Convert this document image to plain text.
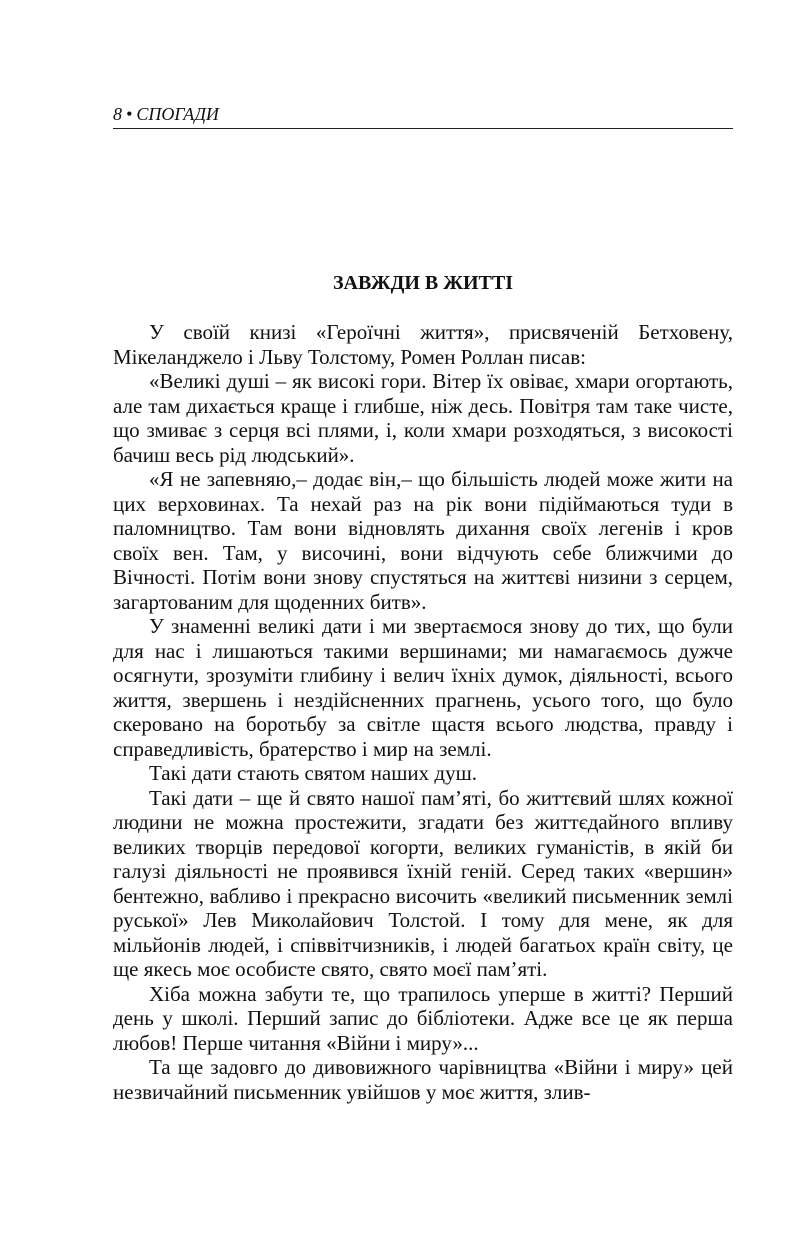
8 • СПОГАДИ
ЗАВЖДИ В ЖИТТІ

У своїй книзі «Героїчні життя», присвяченій Бетховену, Мікеланджело і Льву Толстому, Ромен Роллан писав:

«Великі душі – як високі гори. Вітер їх овіває, хмари огортають, але там дихається краще і глибше, ніж десь. Повітря там таке чисте, що змиває з серця всі плями, і, коли хмари розходяться, з високості бачиш весь рід людський».

«Я не запевняю,– додає він,– що більшість людей може жити на цих верховинах. Та нехай раз на рік вони підіймаються туди в паломництво. Там вони відновлять дихання своїх легенів і кров своїх вен. Там, у височині, вони відчують себе ближчими до Вічності. Потім вони знову спустяться на життєві низини з серцем, загартованим для щоденних битв».

У знаменні великі дати і ми звертаємося знову до тих, що були для нас і лишаються такими вершинами; ми намагаємось дужче осягнути, зрозуміти глибину і велич їхніх думок, діяльності, всього життя, звершень і нездійсненних прагнень, усього того, що було скеровано на боротьбу за світле щастя всього людства, правду і справедливість, братерство і мир на землі.

Такі дати стають святом наших душ.

Такі дати – ще й свято нашої пам’яті, бо життєвий шлях кожної людини не можна простежити, згадати без життєдайного впливу великих творців передової когорти, великих гуманістів, в якій би галузі діяльності не проявився їхній геній. Серед таких «вершин» бентежно, вабливо і прекрасно височить «великий письменник землі руської» Лев Миколайович Толстой. І тому для мене, як для мільйонів людей, і співвітчизників, і людей багатьох країн світу, це ще якесь моє особисте свято, свято моєї пам’яті.

Хіба можна забути те, що трапилось уперше в житті? Перший день у школі. Перший запис до бібліотеки. Адже все це як перша любов! Перше читання «Війни і миру»...

Та ще задовго до дивовижного чарівництва «Війни і миру» цей незвичайний письменник увійшов у моє життя, злив-
